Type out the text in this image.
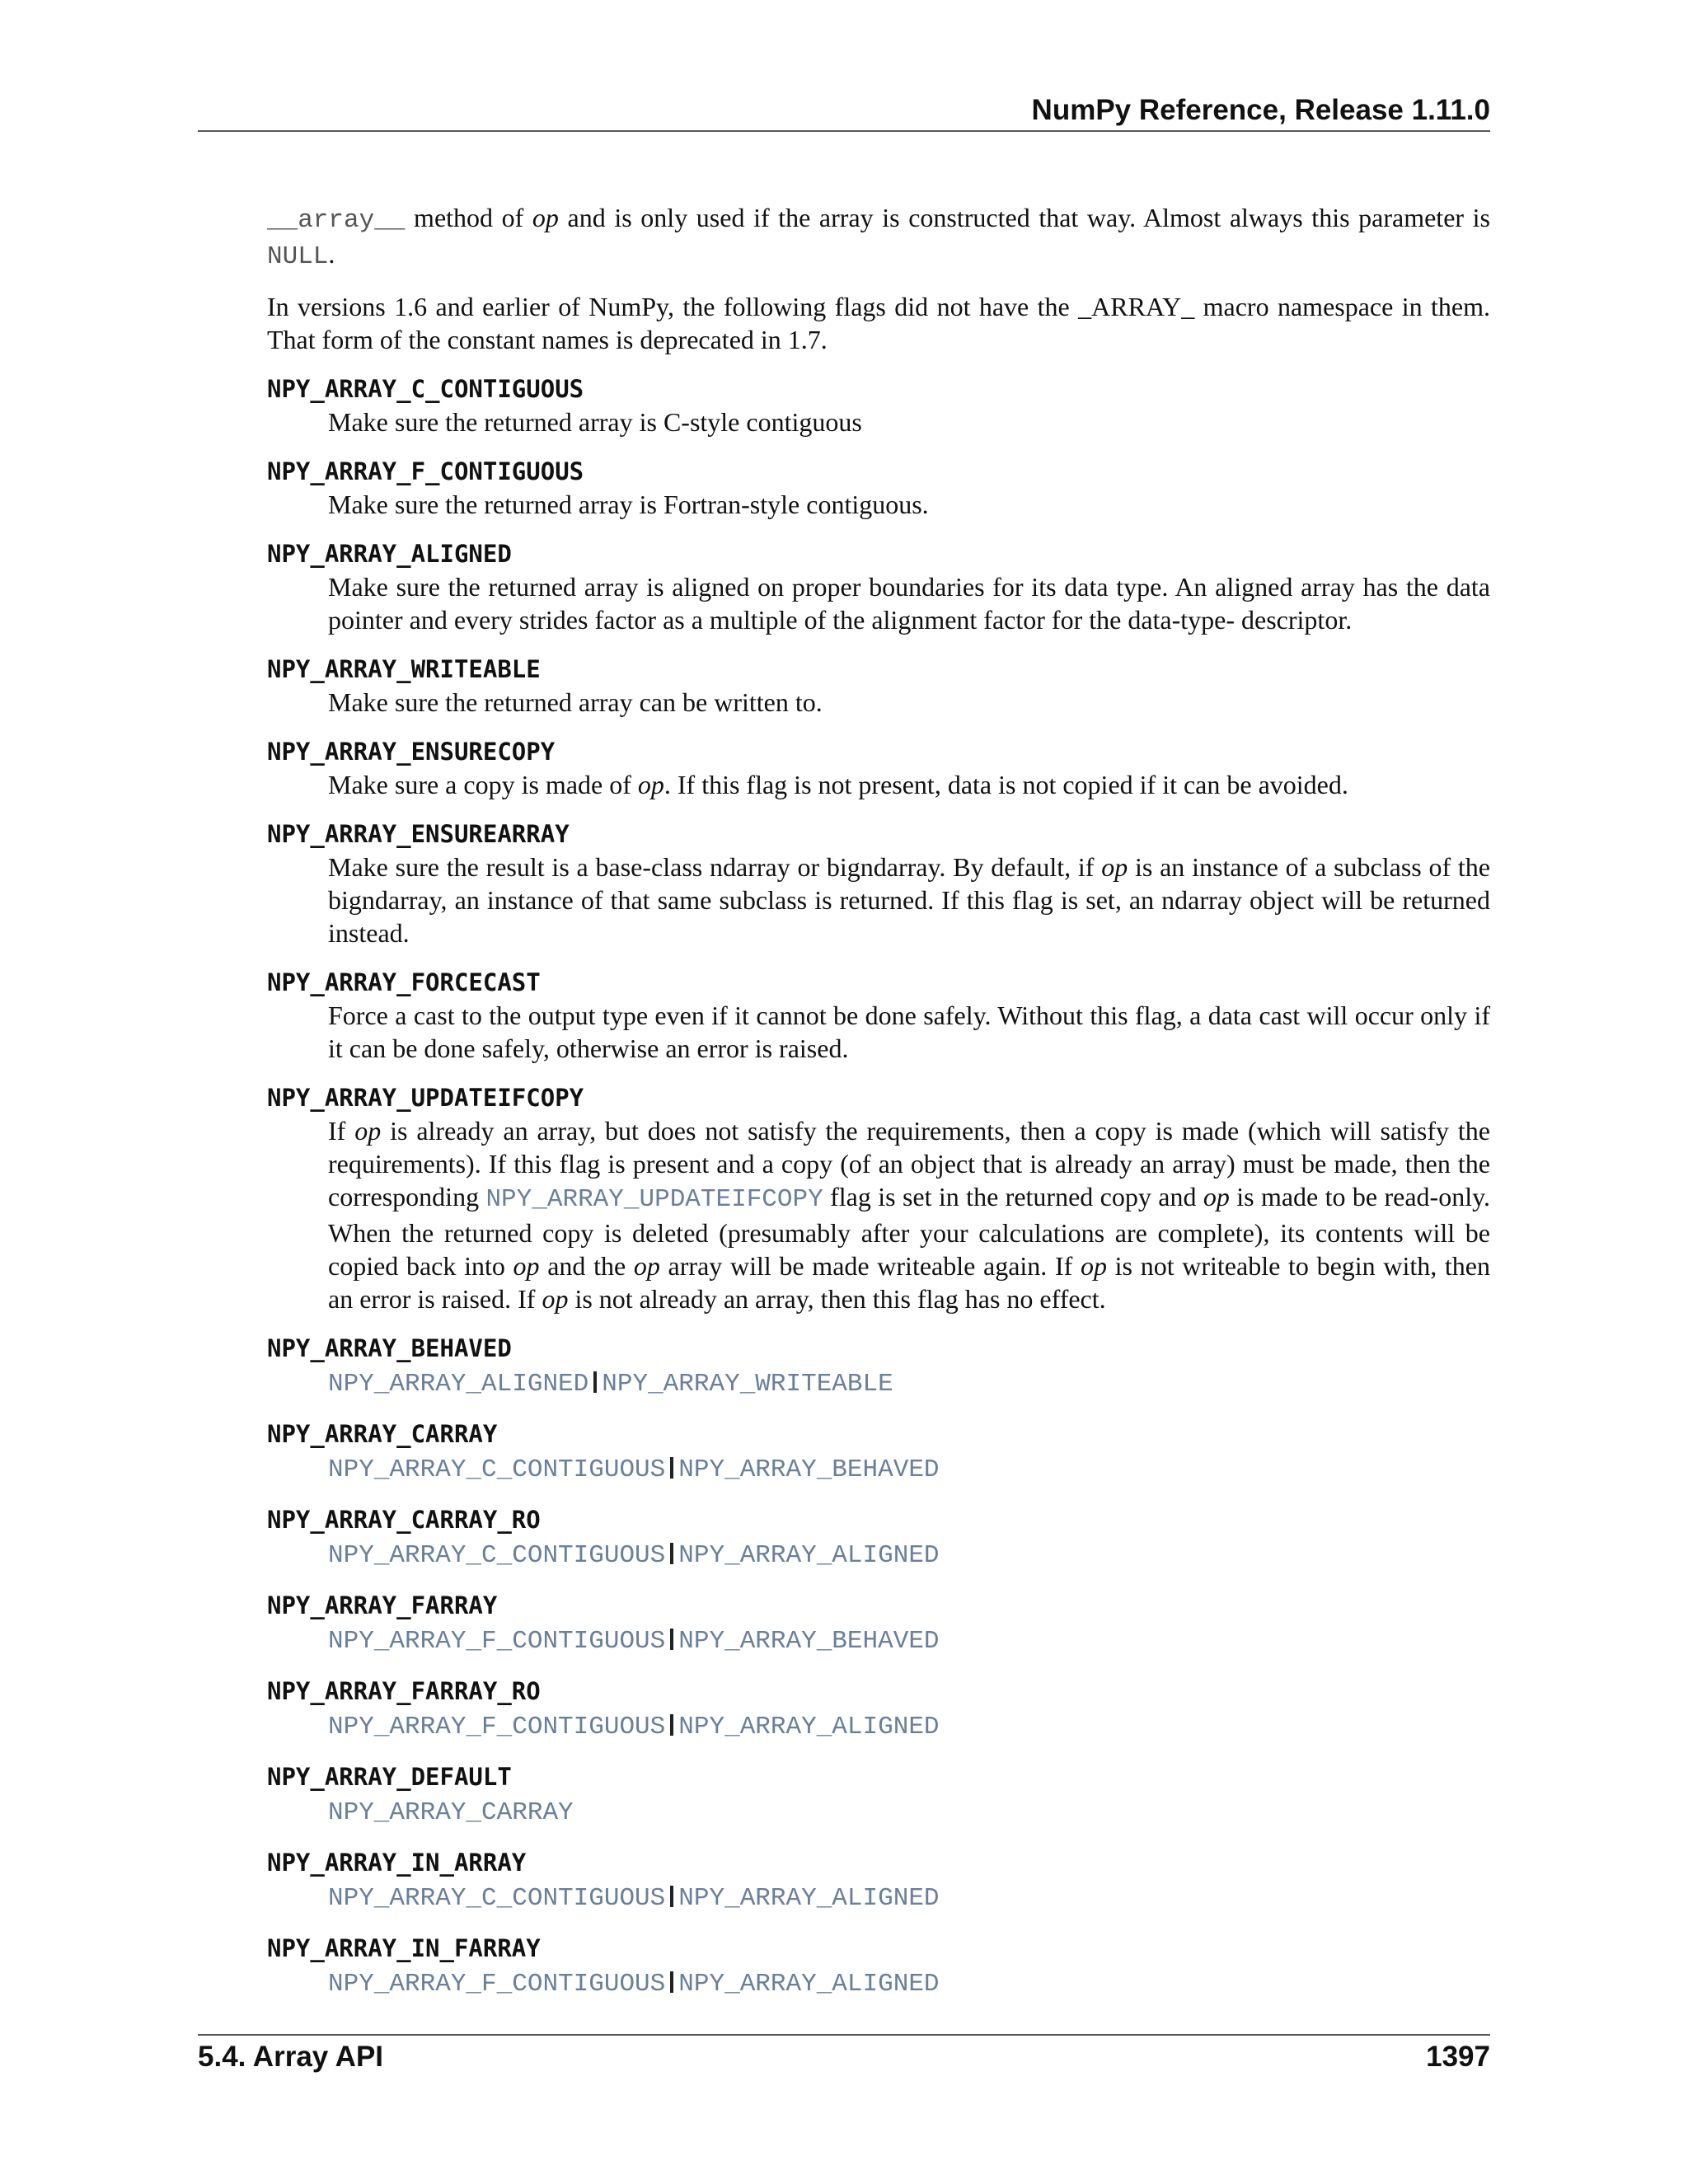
NumPy Reference, Release 1.11.0

__array__ method of op and is only used if the array is constructed that way. Almost always this parameter is NULL.

In versions 1.6 and earlier of NumPy, the following flags did not have the _ARRAY_ macro namespace in them. That form of the constant names is deprecated in 1.7.

NPY_ARRAY_C_CONTIGUOUS
Make sure the returned array is C-style contiguous
NPY_ARRAY_F_CONTIGUOUS
Make sure the returned array is Fortran-style contiguous.
NPY_ARRAY_ALIGNED
Make sure the returned array is aligned on proper boundaries for its data type. An aligned array has the data pointer and every strides factor as a multiple of the alignment factor for the data-type- descriptor.
NPY_ARRAY_WRITEABLE
Make sure the returned array can be written to.
NPY_ARRAY_ENSURECOPY
Make sure a copy is made of op. If this flag is not present, data is not copied if it can be avoided.
NPY_ARRAY_ENSUREARRAY
Make sure the result is a base-class ndarray or bigndarray. By default, if op is an instance of a subclass of the bigndarray, an instance of that same subclass is returned. If this flag is set, an ndarray object will be returned instead.
NPY_ARRAY_FORCECAST
Force a cast to the output type even if it cannot be done safely. Without this flag, a data cast will occur only if it can be done safely, otherwise an error is raised.
NPY_ARRAY_UPDATEIFCOPY
If op is already an array, but does not satisfy the requirements, then a copy is made (which will satisfy the requirements). If this flag is present and a copy (of an object that is already an array) must be made, then the corresponding NPY_ARRAY_UPDATEIFCOPY flag is set in the returned copy and op is made to be read-only. When the returned copy is deleted (presumably after your calculations are complete), its contents will be copied back into op and the op array will be made writeable again. If op is not writeable to begin with, then an error is raised. If op is not already an array, then this flag has no effect.
NPY_ARRAY_BEHAVED
NPY_ARRAY_ALIGNED NPY_ARRAY_WRITEABLE
NPY_ARRAY_CARRAY
NPY_ARRAY_C_CONTIGUOUS NPY_ARRAY_BEHAVED
NPY_ARRAY_CARRAY_RO
NPY_ARRAY_C_CONTIGUOUS NPY_ARRAY_ALIGNED
NPY_ARRAY_FARRAY
NPY_ARRAY_F_CONTIGUOUS NPY_ARRAY_BEHAVED
NPY_ARRAY_FARRAY_RO
NPY_ARRAY_F_CONTIGUOUS NPY_ARRAY_ALIGNED
NPY_ARRAY_DEFAULT
NPY_ARRAY_CARRAY
NPY_ARRAY_IN_ARRAY
NPY_ARRAY_C_CONTIGUOUS NPY_ARRAY_ALIGNED
NPY_ARRAY_IN_FARRAY
NPY_ARRAY_F_CONTIGUOUS NPY_ARRAY_ALIGNED
5.4. Array API	1397
